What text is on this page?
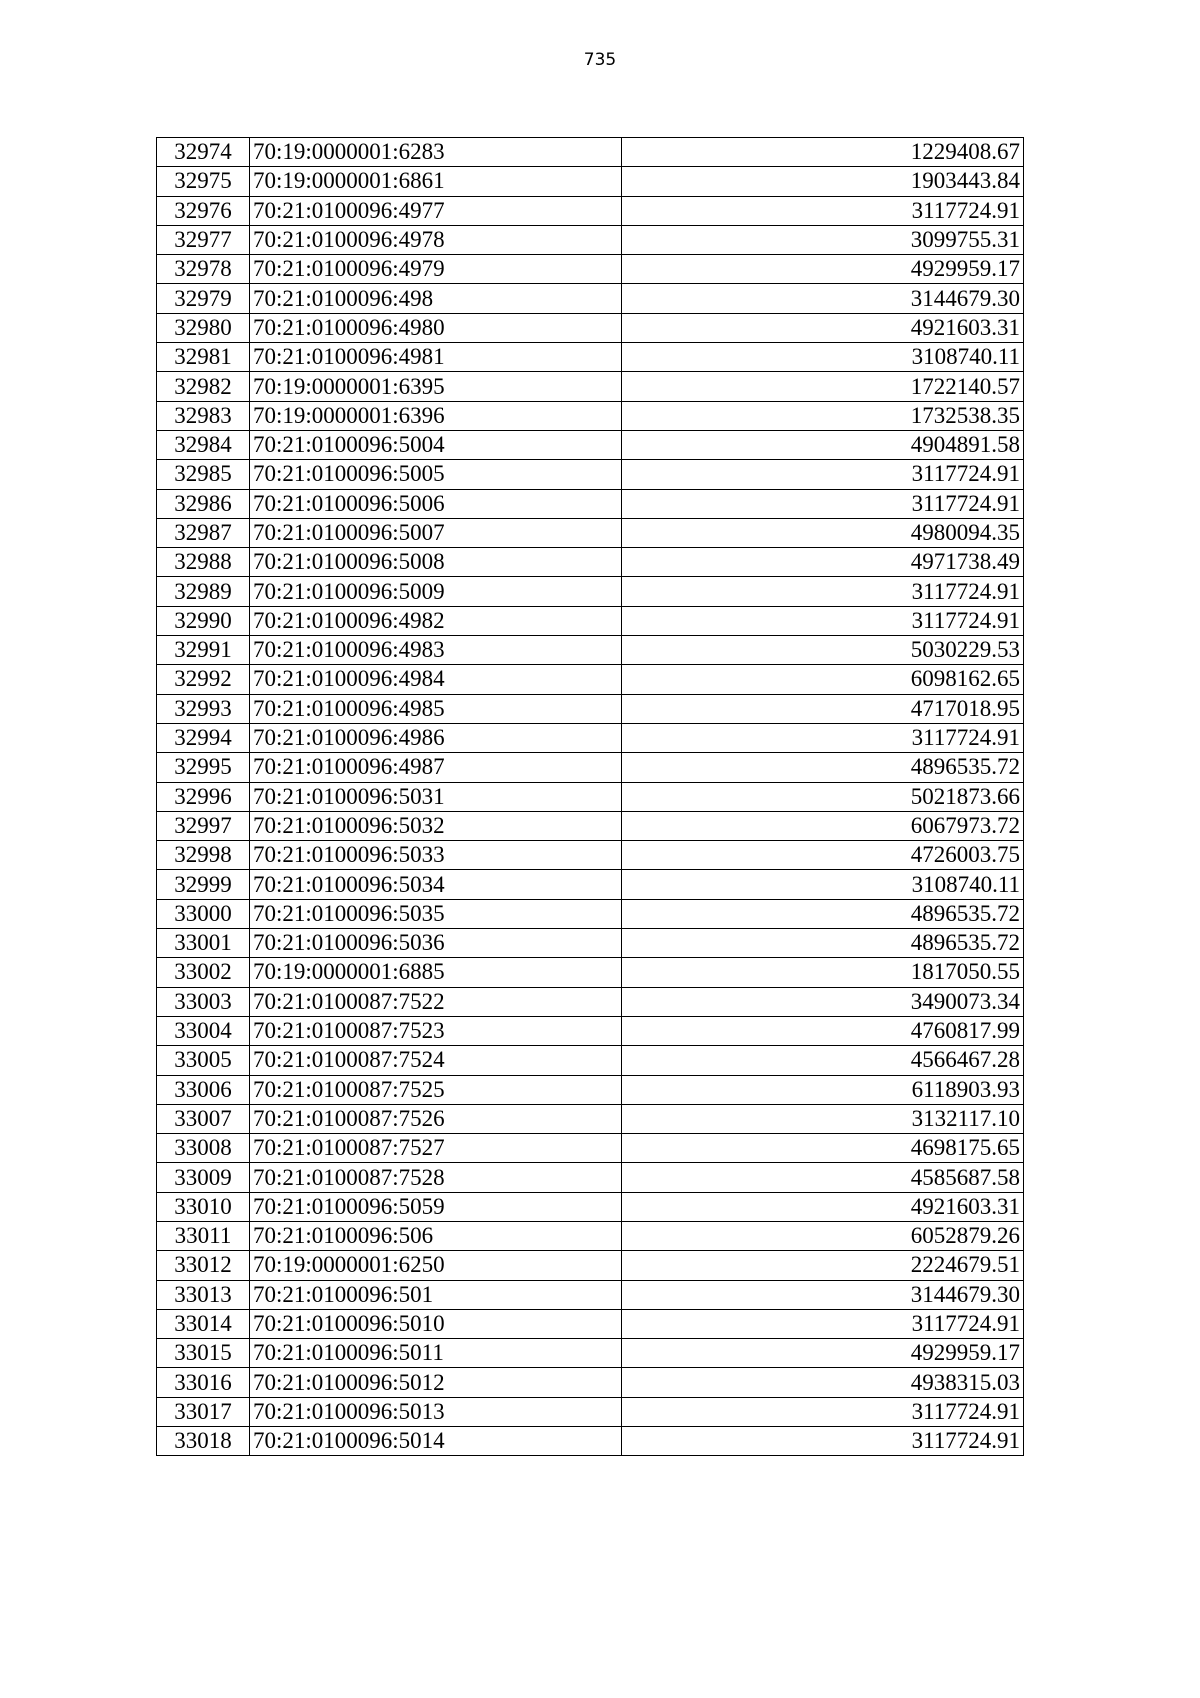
735
32974	70:19:0000001:6283	1229408.67
32975	70:19:0000001:6861	1903443.84
32976	70:21:0100096:4977	3117724.91
32977	70:21:0100096:4978	3099755.31
32978	70:21:0100096:4979	4929959.17
32979	70:21:0100096:498	3144679.30
32980	70:21:0100096:4980	4921603.31
32981	70:21:0100096:4981	3108740.11
32982	70:19:0000001:6395	1722140.57
32983	70:19:0000001:6396	1732538.35
32984	70:21:0100096:5004	4904891.58
32985	70:21:0100096:5005	3117724.91
32986	70:21:0100096:5006	3117724.91
32987	70:21:0100096:5007	4980094.35
32988	70:21:0100096:5008	4971738.49
32989	70:21:0100096:5009	3117724.91
32990	70:21:0100096:4982	3117724.91
32991	70:21:0100096:4983	5030229.53
32992	70:21:0100096:4984	6098162.65
32993	70:21:0100096:4985	4717018.95
32994	70:21:0100096:4986	3117724.91
32995	70:21:0100096:4987	4896535.72
32996	70:21:0100096:5031	5021873.66
32997	70:21:0100096:5032	6067973.72
32998	70:21:0100096:5033	4726003.75
32999	70:21:0100096:5034	3108740.11
33000	70:21:0100096:5035	4896535.72
33001	70:21:0100096:5036	4896535.72
33002	70:19:0000001:6885	1817050.55
33003	70:21:0100087:7522	3490073.34
33004	70:21:0100087:7523	4760817.99
33005	70:21:0100087:7524	4566467.28
33006	70:21:0100087:7525	6118903.93
33007	70:21:0100087:7526	3132117.10
33008	70:21:0100087:7527	4698175.65
33009	70:21:0100087:7528	4585687.58
33010	70:21:0100096:5059	4921603.31
33011	70:21:0100096:506	6052879.26
33012	70:19:0000001:6250	2224679.51
33013	70:21:0100096:501	3144679.30
33014	70:21:0100096:5010	3117724.91
33015	70:21:0100096:5011	4929959.17
33016	70:21:0100096:5012	4938315.03
33017	70:21:0100096:5013	3117724.91
33018	70:21:0100096:5014	3117724.91
